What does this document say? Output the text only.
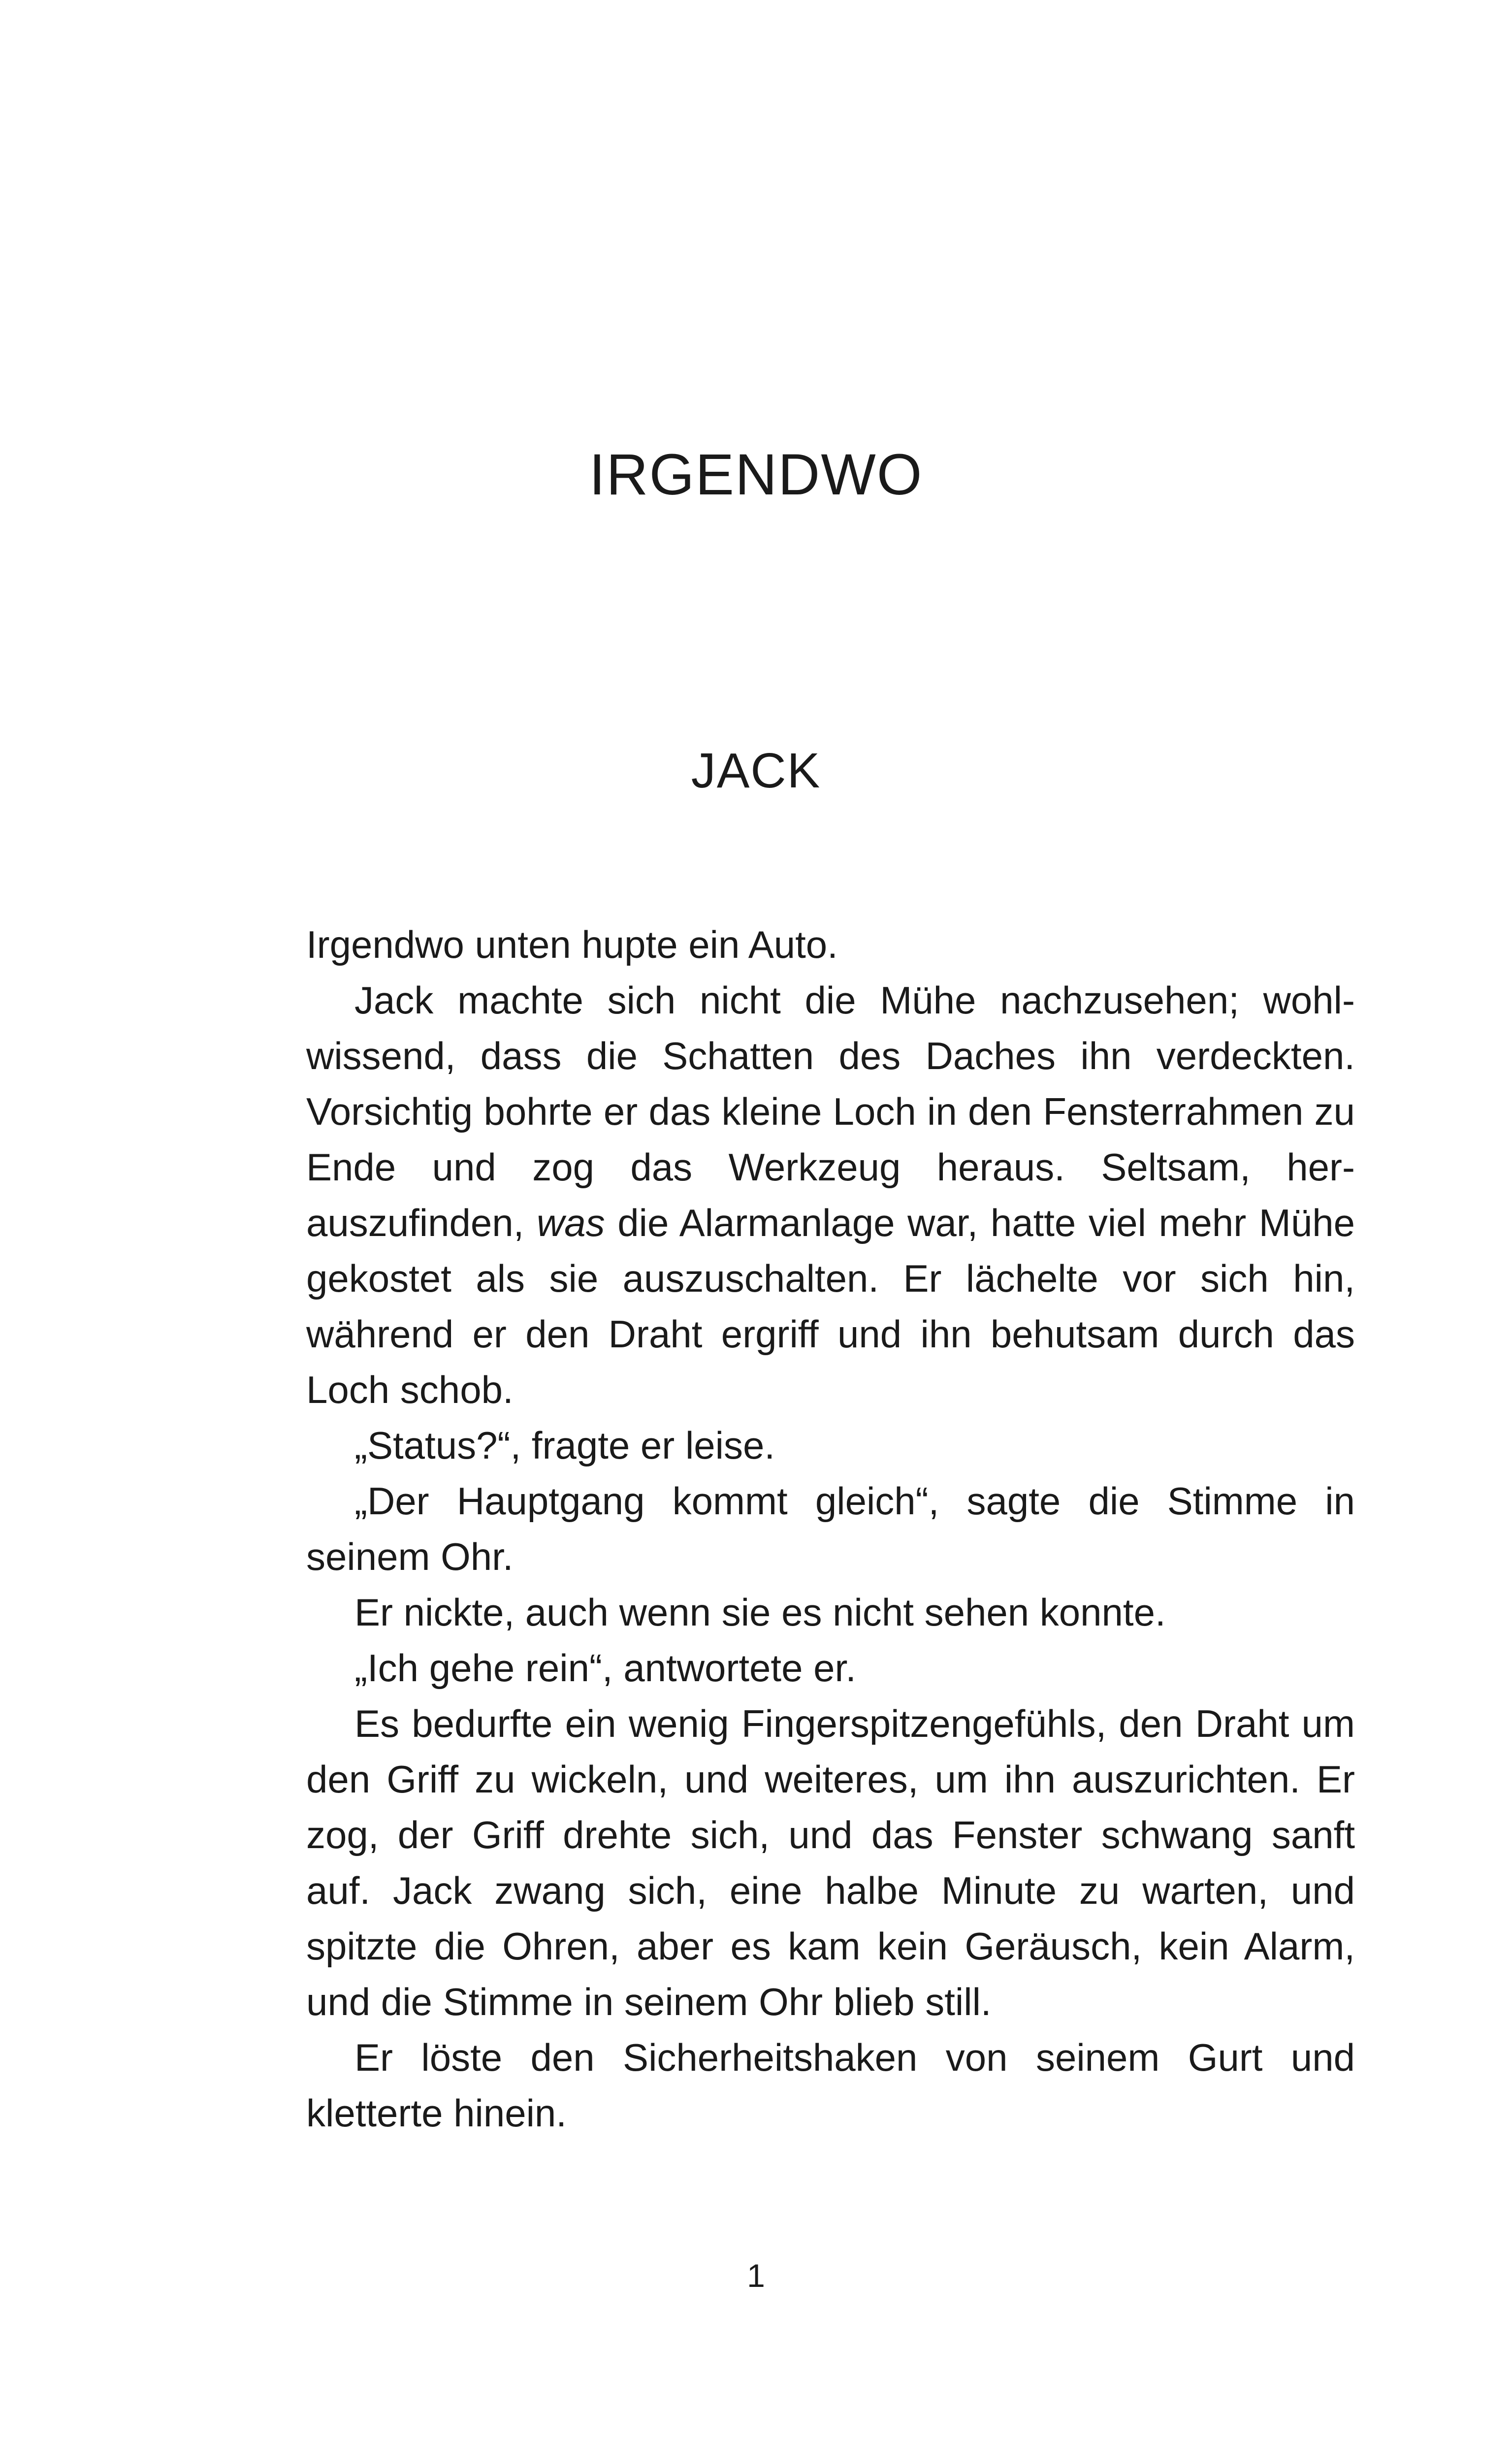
IRGENDWO
JACK

Irgendwo unten hupte ein Auto.

Jack machte sich nicht die Mühe nachzusehen; wohlwissend, dass die Schatten des Daches ihn verdeckten. Vorsichtig bohrte er das kleine Loch in den Fensterrahmen zu Ende und zog das Werkzeug heraus. Seltsam, herauszufinden, was die Alarmanlage war, hatte viel mehr Mühe gekostet als sie auszuschalten. Er lächelte vor sich hin, während er den Draht ergriff und ihn behutsam durch das Loch schob.

„Status?“, fragte er leise.

„Der Hauptgang kommt gleich“, sagte die Stimme in seinem Ohr.

Er nickte, auch wenn sie es nicht sehen konnte.

„Ich gehe rein“, antwortete er.

Es bedurfte ein wenig Fingerspitzengefühls, den Draht um den Griff zu wickeln, und weiteres, um ihn auszurichten. Er zog, der Griff drehte sich, und das Fenster schwang sanft auf. Jack zwang sich, eine halbe Minute zu warten, und spitzte die Ohren, aber es kam kein Geräusch, kein Alarm, und die Stimme in seinem Ohr blieb still.

Er löste den Sicherheitshaken von seinem Gurt und kletterte hinein.

1
